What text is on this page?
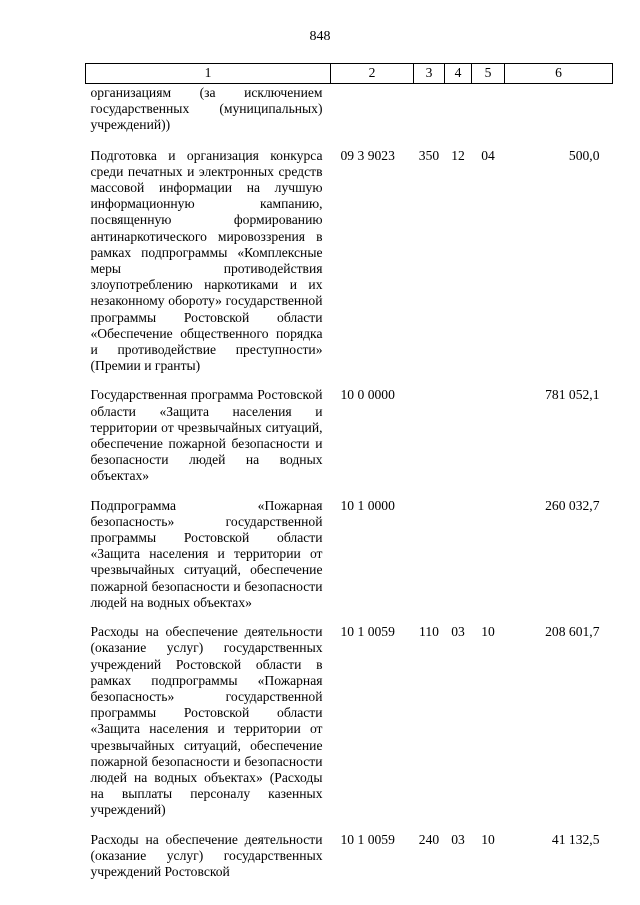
848
1	2	3	4	5	6
организациям (за исключением государственных (муниципальных) учреждений))					
Подготовка и организация конкурса среди печатных и электронных средств массовой информации на лучшую информационную кампанию, посвященную формированию антинаркотического мировоззрения в рамках подпрограммы «Комплексные меры противодействия злоупотреблению наркотиками и их незаконному обороту» государственной программы Ростовской области «Обеспечение общественного порядка и противодействие преступности» (Премии и гранты)	09 3 9023	350	12	04	500,0
Государственная программа Ростовской области «Защита населения и территории от чрезвычайных ситуаций, обеспечение пожарной безопасности и безопасности людей на водных объектах»	10 0 0000				781 052,1
Подпрограмма «Пожарная безопасность» государственной программы Ростовской области «Защита населения и территории от чрезвычайных ситуаций, обеспечение пожарной безопасности и безопасности людей на водных объектах»	10 1 0000				260 032,7
Расходы на обеспечение деятельности (оказание услуг) государственных учреждений Ростовской области в рамках подпрограммы «Пожарная безопасность» государственной программы Ростовской области «Защита населения и территории от чрезвычайных ситуаций, обеспечение пожарной безопасности и безопасности людей на водных объектах» (Расходы на выплаты персоналу казенных учреждений)	10 1 0059	110	03	10	208 601,7
Расходы на обеспечение деятельности (оказание услуг) государственных учреждений Ростовской	10 1 0059	240	03	10	41 132,5
